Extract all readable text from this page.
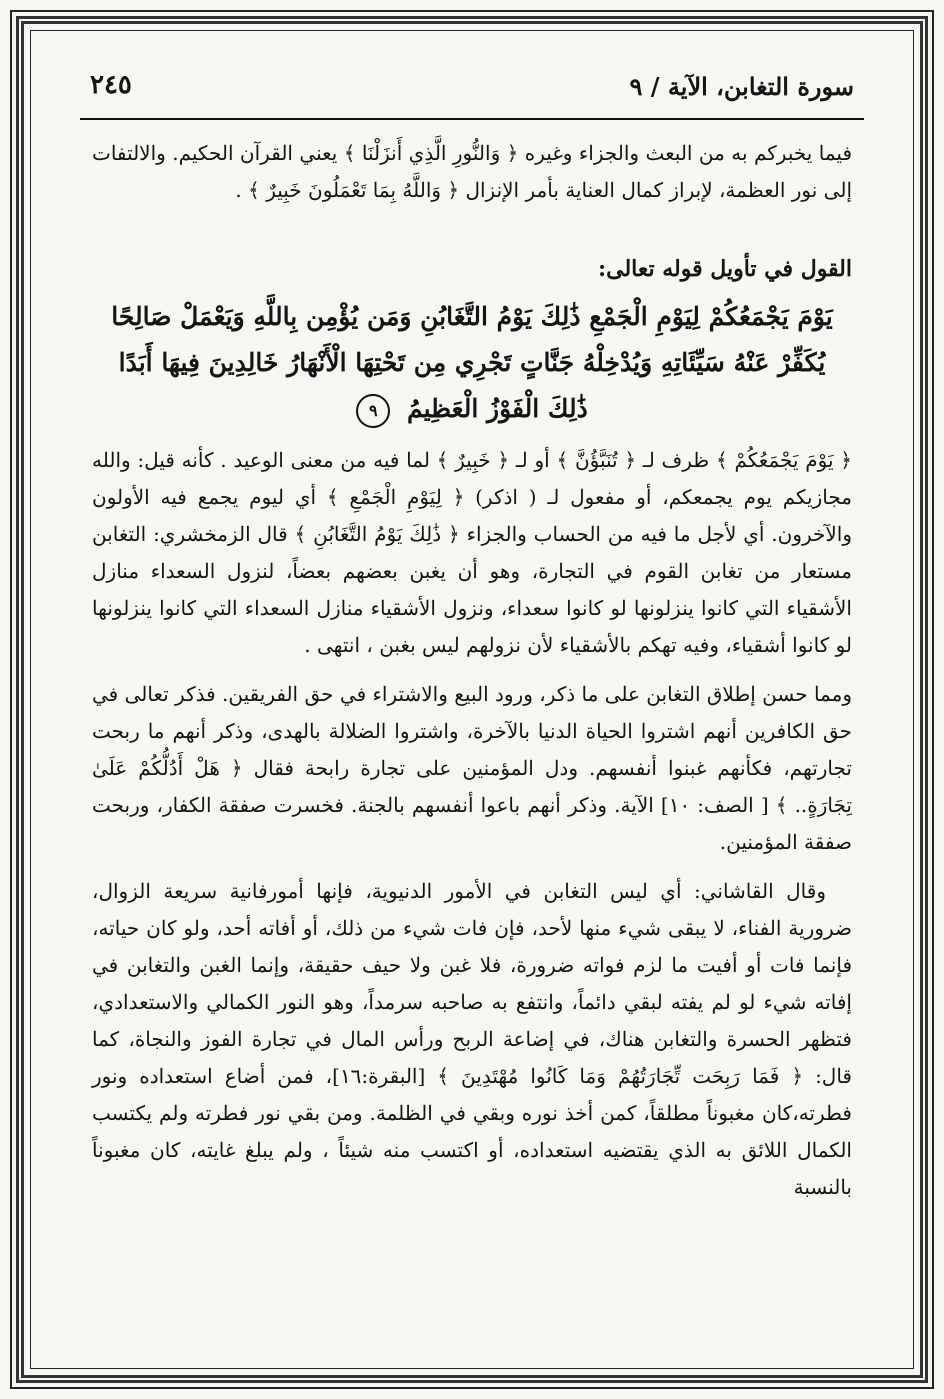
سورة التغابن، الآية / ٩
٢٤٥

فيما يخبركم به من البعث والجزاء وغيره ﴿ وَالنُّورِ الَّذِي أَنزَلْنَا ﴾ يعني القرآن الحكيم. والالتفات إلى نور العظمة، لإبراز كمال العناية بأمر الإنزال ﴿ وَاللَّهُ بِمَا تَعْمَلُونَ خَبِيرٌ ﴾ .

القول في تأويل قوله تعالى:
يَوْمَ يَجْمَعُكُمْ لِيَوْمِ الْجَمْعِ ذَٰلِكَ يَوْمُ التَّغَابُنِ وَمَن يُؤْمِن بِاللَّهِ وَيَعْمَلْ صَالِحًا يُكَفِّرْ عَنْهُ سَيِّئَاتِهِ وَيُدْخِلْهُ جَنَّاتٍ تَجْرِي مِن تَحْتِهَا الْأَنْهَارُ خَالِدِينَ فِيهَا أَبَدًا ذَٰلِكَ الْفَوْزُ الْعَظِيمُ ٩

﴿ يَوْمَ يَجْمَعُكُمْ ﴾ ظرف لـ ﴿ تُنَبَّؤُنَّ ﴾ أو لـ ﴿ خَبِيرٌ ﴾ لما فيه من معنى الوعيد . كأنه قيل: والله مجازيكم يوم يجمعكم، أو مفعول لـ ( اذكر) ﴿ لِيَوْمِ الْجَمْعِ ﴾ أي ليوم يجمع فيه الأولون والآخرون. أي لأجل ما فيه من الحساب والجزاء ﴿ ذَٰلِكَ يَوْمُ التَّغَابُنِ ﴾ قال الزمخشري: التغابن مستعار من تغابن القوم في التجارة، وهو أن يغبن بعضهم بعضاً، لنزول السعداء منازل الأشقياء التي كانوا ينزلونها لو كانوا سعداء، ونزول الأشقياء منازل السعداء التي كانوا ينزلونها لو كانوا أشقياء، وفيه تهكم بالأشقياء لأن نزولهم ليس بغبن ، انتهى .

ومما حسن إطلاق التغابن على ما ذكر، ورود البيع والاشتراء في حق الفريقين. فذكر تعالى في حق الكافرين أنهم اشتروا الحياة الدنيا بالآخرة، واشتروا الضلالة بالهدى، وذكر أنهم ما ربحت تجارتهم، فكأنهم غبنوا أنفسهم. ودل المؤمنين على تجارة رابحة فقال ﴿ هَلْ أَدُلُّكُمْ عَلَىٰ تِجَارَةٍ.. ﴾ [ الصف: ١٠] الآية. وذكر أنهم باعوا أنفسهم بالجنة. فخسرت صفقة الكفار، وربحت صفقة المؤمنين.

وقال القاشاني: أي ليس التغابن في الأمور الدنيوية، فإنها أمورفانية سريعة الزوال، ضرورية الفناء، لا يبقى شيء منها لأحد، فإن فات شيء من ذلك، أو أفاته أحد، ولو كان حياته، فإنما فات أو أفيت ما لزم فواته ضرورة، فلا غبن ولا حيف حقيقة، وإنما الغبن والتغابن في إفاته شيء لو لم يفته لبقي دائماً، وانتفع به صاحبه سرمداً، وهو النور الكمالي والاستعدادي، فتظهر الحسرة والتغابن هناك، في إضاعة الربح ورأس المال في تجارة الفوز والنجاة، كما قال: ﴿ فَمَا رَبِحَت تِّجَارَتُهُمْ وَمَا كَانُوا مُهْتَدِينَ ﴾ [البقرة:١٦]، فمن أضاع استعداده ونور فطرته،كان مغبوناً مطلقاً، كمن أخذ نوره وبقي في الظلمة. ومن بقي نور فطرته ولم يكتسب الكمال اللائق به الذي يقتضيه استعداده، أو اكتسب منه شيئاً ، ولم يبلغ غايته، كان مغبوناً بالنسبة
